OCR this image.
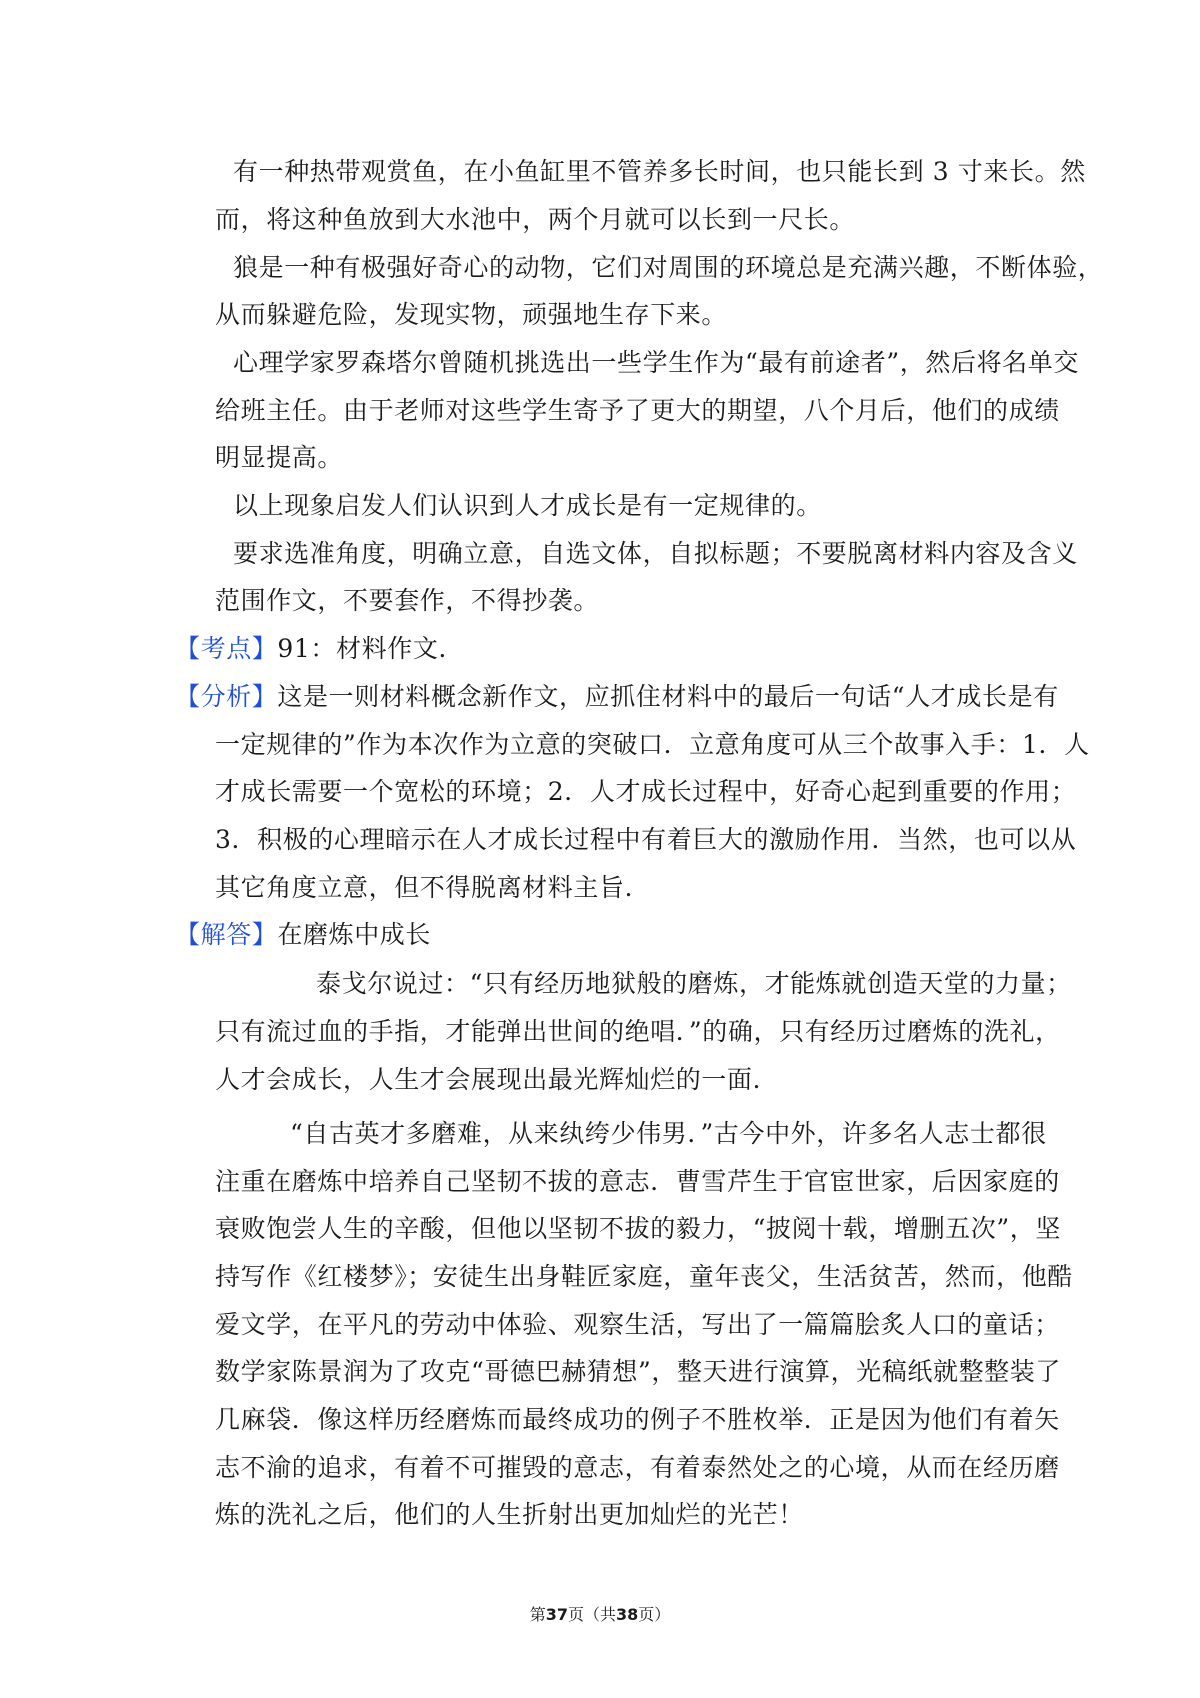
有一种热带观赏鱼，在小鱼缸里不管养多长时间，也只能长到 3 寸来长。然
而，将这种鱼放到大水池中，两个月就可以长到一尺长。
狼是一种有极强好奇心的动物，它们对周围的环境总是充满兴趣，不断体验，
从而躲避危险，发现实物，顽强地生存下来。
心理学家罗森塔尔曾随机挑选出一些学生作为“最有前途者”，然后将名单交
给班主任。由于老师对这些学生寄予了更大的期望，八个月后，他们的成绩
明显提高。
以上现象启发人们认识到人才成长是有一定规律的。
要求选准角度，明确立意，自选文体，自拟标题；不要脱离材料内容及含义
范围作文，不要套作，不得抄袭。
【考点】91：材料作文.
【分析】这是一则材料概念新作文，应抓住材料中的最后一句话“人才成长是有
一定规律的”作为本次作为立意的突破口．立意角度可从三个故事入手：1．人
才成长需要一个宽松的环境；2．人才成长过程中，好奇心起到重要的作用；
3．积极的心理暗示在人才成长过程中有着巨大的激励作用．当然，也可以从
其它角度立意，但不得脱离材料主旨．
【解答】在磨炼中成长
泰戈尔说过：“只有经历地狱般的磨炼，才能炼就创造天堂的力量；
只有流过血的手指，才能弹出世间的绝唱．”的确，只有经历过磨炼的洗礼，
人才会成长，人生才会展现出最光辉灿烂的一面．
“自古英才多磨难，从来纨绔少伟男．”古今中外，许多名人志士都很
注重在磨炼中培养自己坚韧不拔的意志．曹雪芹生于官宦世家，后因家庭的
衰败饱尝人生的辛酸，但他以坚韧不拔的毅力，“披阅十载，增删五次”，坚
持写作《红楼梦》；安徒生出身鞋匠家庭，童年丧父，生活贫苦，然而，他酷
爱文学，在平凡的劳动中体验、观察生活，写出了一篇篇脍炙人口的童话；
数学家陈景润为了攻克“哥德巴赫猜想”，整天进行演算，光稿纸就整整装了
几麻袋．像这样历经磨炼而最终成功的例子不胜枚举．正是因为他们有着矢
志不渝的追求，有着不可摧毁的意志，有着泰然处之的心境，从而在经历磨
炼的洗礼之后，他们的人生折射出更加灿烂的光芒！
第37页（共38页）
